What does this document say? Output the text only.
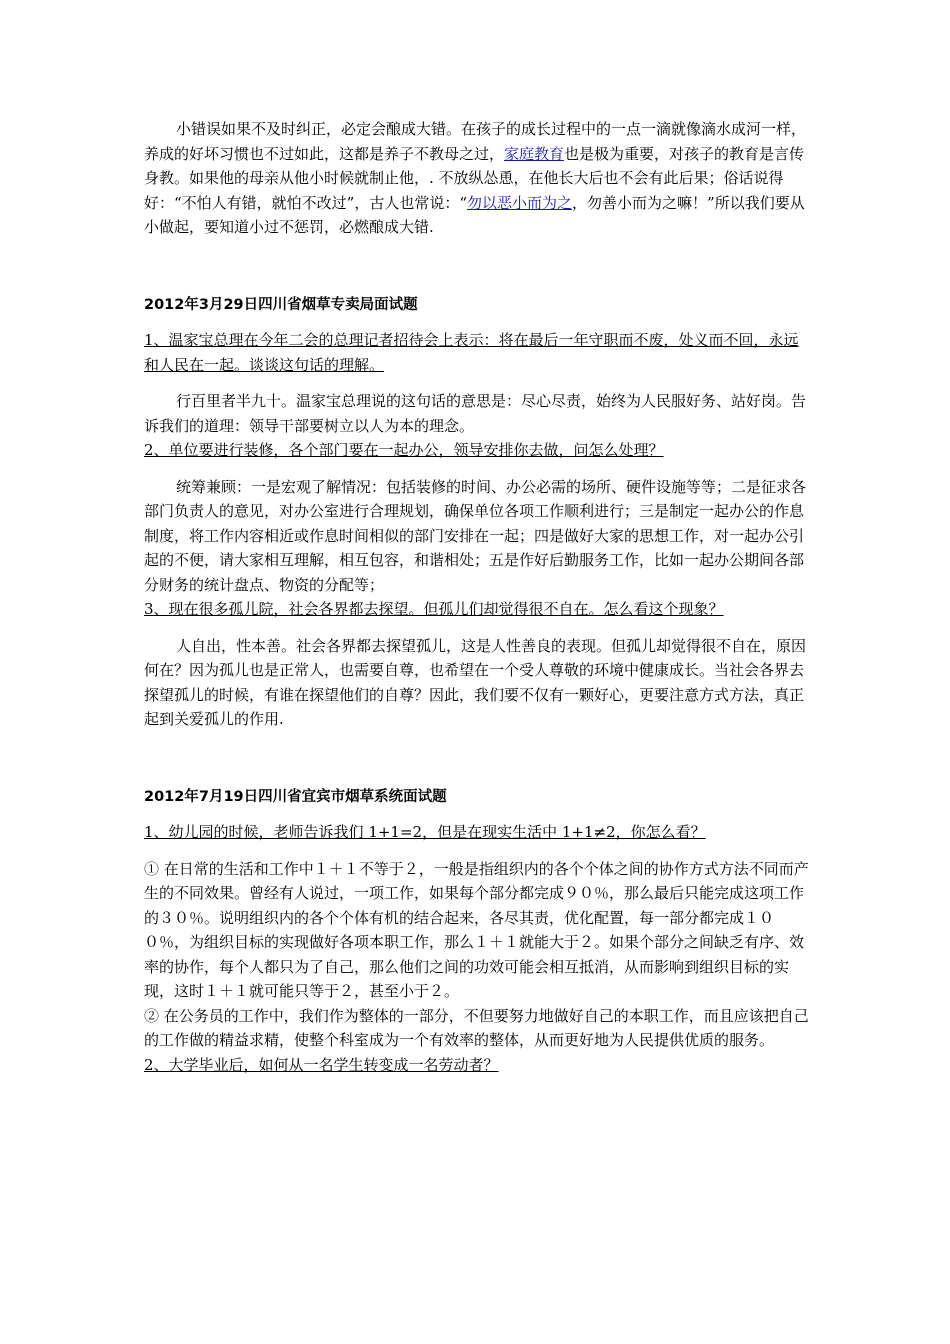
小错误如果不及时纠正，必定会酿成大错。在孩子的成长过程中的一点一滴就像滴水成河一样，养成的好坏习惯也不过如此，这都是养子不教母之过，家庭教育也是极为重要，对孩子的教育是言传身教。如果他的母亲从他小时候就制止他，. 不放纵怂恿，在他长大后也不会有此后果；俗话说得好：“不怕人有错，就怕不改过”，古人也常说：“勿以恶小而为之，勿善小而为之嘛！”所以我们要从小做起，要知道小过不惩罚，必燃酿成大错.

2012年3月29日四川省烟草专卖局面试题

1、温家宝总理在今年二会的总理记者招待会上表示：将在最后一年守职而不废，处义而不回，永远和人民在一起。谈谈这句话的理解。

行百里者半九十。温家宝总理说的这句话的意思是：尽心尽责，始终为人民服好务、站好岗。告诉我们的道理：领导干部要树立以人为本的理念。

2、单位要进行装修，各个部门要在一起办公，领导安排你去做，问怎么处理？

统筹兼顾：一是宏观了解情况：包括装修的时间、办公必需的场所、硬件设施等等；二是征求各部门负责人的意见，对办公室进行合理规划，确保单位各项工作顺利进行；三是制定一起办公的作息制度，将工作内容相近或作息时间相似的部门安排在一起；四是做好大家的思想工作，对一起办公引起的不便，请大家相互理解，相互包容，和谐相处；五是作好后勤服务工作，比如一起办公期间各部分财务的统计盘点、物资的分配等；

3、现在很多孤儿院，社会各界都去探望。但孤儿们却觉得很不自在。怎么看这个现象？

人自出，性本善。社会各界都去探望孤儿，这是人性善良的表现。但孤儿却觉得很不自在，原因何在？因为孤儿也是正常人，也需要自尊，也希望在一个受人尊敬的环境中健康成长。当社会各界去探望孤儿的时候，有谁在探望他们的自尊？因此，我们要不仅有一颗好心，更要注意方式方法，真正起到关爱孤儿的作用.

2012年7月19日四川省宜宾市烟草系统面试题

1、幼儿园的时候，老师告诉我们 1+1=2，但是在现实生活中 1+1≠2，你怎么看？

① 在日常的生活和工作中１＋１不等于２，一般是指组织内的各个个体之间的协作方式方法不同而产生的不同效果。曾经有人说过，一项工作，如果每个部分都完成９０％，那么最后只能完成这项工作的３０％。说明组织内的各个个体有机的结合起来，各尽其责，优化配置，每一部分都完成１００％，为组织目标的实现做好各项本职工作，那么１＋１就能大于２。如果个部分之间缺乏有序、效率的协作，每个人都只为了自己，那么他们之间的功效可能会相互抵消，从而影响到组织目标的实现，这时１＋１就可能只等于２，甚至小于２。

② 在公务员的工作中，我们作为整体的一部分，不但要努力地做好自己的本职工作，而且应该把自己的工作做的精益求精，使整个科室成为一个有效率的整体，从而更好地为人民提供优质的服务。

2、大学毕业后，如何从一名学生转变成一名劳动者？
